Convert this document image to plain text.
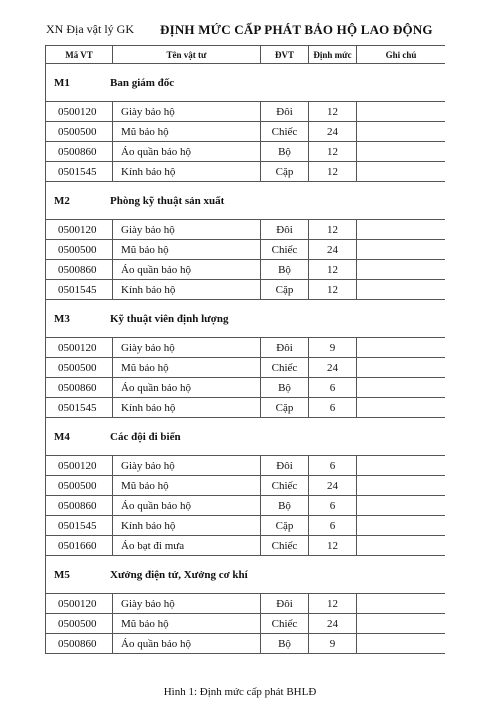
XN Địa vật lý GK ĐỊNH MỨC CẤP PHÁT BẢO HỘ LAO ĐỘNG
Mã VT	Tên vật tư	ĐVT	Định mức	Ghi chú
M1 Ban giám đốc				
0500120	Giày bảo hộ	Đôi	12	
0500500	Mũ bảo hộ	Chiếc	24	
0500860	Áo quần bảo hộ	Bộ	12	
0501545	Kính bảo hộ	Cặp	12	
M2 Phòng kỹ thuật sản xuất				
0500120	Giày bảo hộ	Đôi	12	
0500500	Mũ bảo hộ	Chiếc	24	
0500860	Áo quần bảo hộ	Bộ	12	
0501545	Kính bảo hộ	Cặp	12	
M3 Kỹ thuật viên định lượng				
0500120	Giày bảo hộ	Đôi	9	
0500500	Mũ bảo hộ	Chiếc	24	
0500860	Áo quần bảo hộ	Bộ	6	
0501545	Kính bảo hộ	Cặp	6	
M4 Các đội đi biển				
0500120	Giày bảo hộ	Đôi	6	
0500500	Mũ bảo hộ	Chiếc	24	
0500860	Áo quần bảo hộ	Bộ	6	
0501545	Kính bảo hộ	Cặp	6	
0501660	Áo bạt đi mưa	Chiếc	12	
M5 Xưởng điện tử, Xưởng cơ khí				
0500120	Giày bảo hộ	Đôi	12	
0500500	Mũ bảo hộ	Chiếc	24	
0500860	Áo quần bảo hộ	Bộ	9	
Hình 1: Định mức cấp phát BHLĐ
